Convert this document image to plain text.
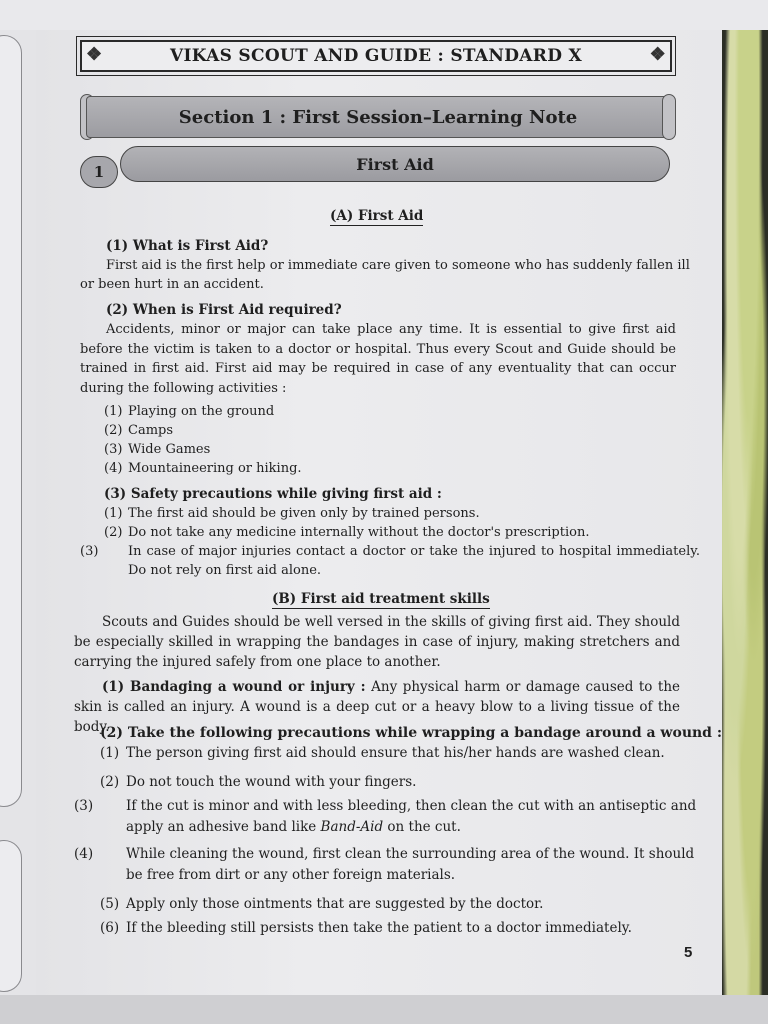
❖	VIKAS SCOUT AND GUIDE : STANDARD X	❖
Section 1 : First Session–Learning Note
First Aid
1
(A) First Aid
(1) What is First Aid?
First aid is the first help or immediate care given to someone who has suddenly fallen ill
or been hurt in an accident.
(2) When is First Aid required?
Accidents, minor or major can take place any time. It is essential to give first aid before the victim is taken to a doctor or hospital. Thus every Scout and Guide should be trained in first aid. First aid may be required in case of any eventuality that can occur during the following activities :
(1) Playing on the ground
(2) Camps
(3) Wide Games
(4) Mountaineering or hiking.
(3) Safety precautions while giving first aid :
(1) The first aid should be given only by trained persons.
(2) Do not take any medicine internally without the doctor's prescription.
(3) In case of major injuries contact a doctor or take the injured to hospital immediately. Do not rely on first aid alone.
(B) First aid treatment skills
Scouts and Guides should be well versed in the skills of giving first aid. They should be especially skilled in wrapping the bandages in case of injury, making stretchers and carrying the injured safely from one place to another.
(1) Bandaging a wound or injury : Any physical harm or damage caused to the skin is called an injury. A wound is a deep cut or a heavy blow to a living tissue of the body.
(2) Take the following precautions while wrapping a bandage around a wound :
(1) The person giving first aid should ensure that his/her hands are washed clean.
(2) Do not touch the wound with your fingers.
(3) If the cut is minor and with less bleeding, then clean the cut with an antiseptic and apply an adhesive band like Band-Aid on the cut.
(4) While cleaning the wound, first clean the surrounding area of the wound. It should be free from dirt or any other foreign materials.
(5) Apply only those ointments that are suggested by the doctor.
(6) If the bleeding still persists then take the patient to a doctor immediately.
5
